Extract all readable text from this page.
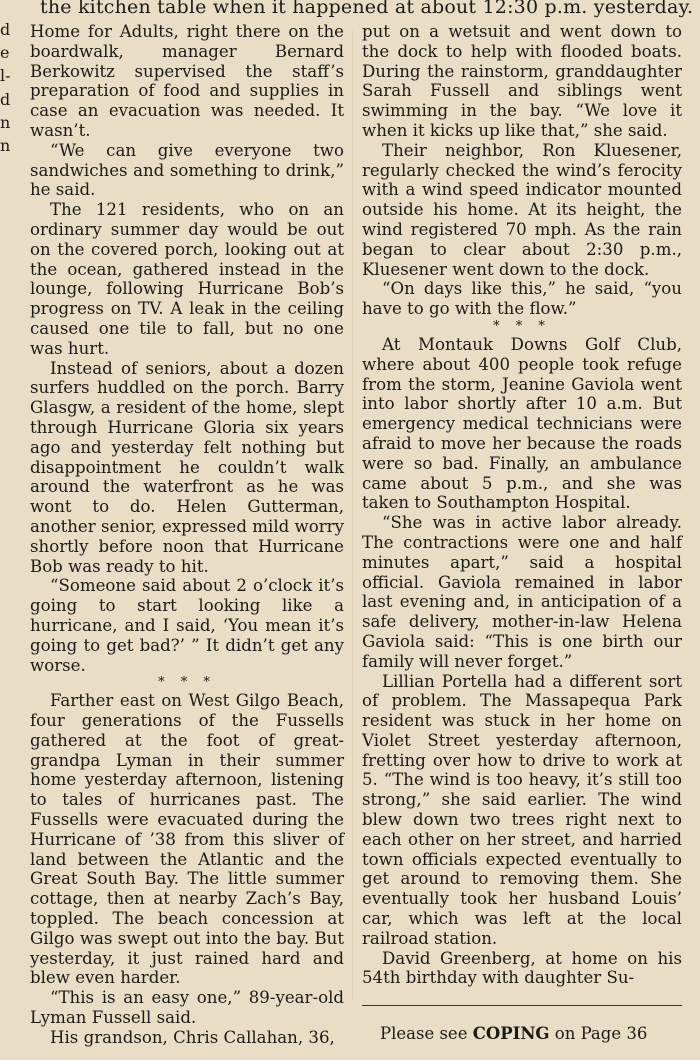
the kitchen table when it happened at about 12:30 p.m. yesterday.
d
e
l-
d
n
n

Home for Adults, right there on the boardwalk, manager Bernard Berkowitz supervised the staff’s preparation of food and supplies in case an evacuation was needed. It wasn’t.

“We can give everyone two sandwiches and something to drink,” he said.

The 121 residents, who on an ordinary summer day would be out on the covered porch, looking out at the ocean, gathered instead in the lounge, following Hurricane Bob’s progress on TV. A leak in the ceiling caused one tile to fall, but no one was hurt.

Instead of seniors, about a dozen surfers huddled on the porch. Barry Glasgw, a resident of the home, slept through Hurricane Gloria six years ago and yesterday felt nothing but disappointment he couldn’t walk around the waterfront as he was wont to do. Helen Gutterman, another senior, expressed mild worry shortly before noon that Hurricane Bob was ready to hit.

“Someone said about 2 o’clock it’s going to start looking like a hurricane, and I said, ‘You mean it’s going to get bad?’ ” It didn’t get any worse.

* * *

Farther east on West Gilgo Beach, four generations of the Fussells gathered at the foot of great-grandpa Lyman in their summer home yesterday afternoon, listening to tales of hurricanes past. The Fussells were evacuated during the Hurricane of ’38 from this sliver of land between the Atlantic and the Great South Bay. The little summer cottage, then at nearby Zach’s Bay, toppled. The beach concession at Gilgo was swept out into the bay. But yesterday, it just rained hard and blew even harder.

“This is an easy one,” 89-year-old Lyman Fussell said.

His grandson, Chris Callahan, 36,

put on a wetsuit and went down to the dock to help with flooded boats. During the rainstorm, granddaughter Sarah Fussell and siblings went swimming in the bay. “We love it when it kicks up like that,” she said.

Their neighbor, Ron Kluesener, regularly checked the wind’s ferocity with a wind speed indicator mounted outside his home. At its height, the wind registered 70 mph. As the rain began to clear about 2:30 p.m., Kluesener went down to the dock.

“On days like this,” he said, “you have to go with the flow.”

* * *

At Montauk Downs Golf Club, where about 400 people took refuge from the storm, Jeanine Gaviola went into labor shortly after 10 a.m. But emergency medical technicians were afraid to move her because the roads were so bad. Finally, an ambulance came about 5 p.m., and she was taken to Southampton Hospital.

“She was in active labor already. The contractions were one and half minutes apart,” said a hospital official. Gaviola remained in labor last evening and, in anticipation of a safe delivery, mother-in-law Helena Gaviola said: “This is one birth our family will never forget.”

Lillian Portella had a different sort of problem. The Massapequa Park resident was stuck in her home on Violet Street yesterday afternoon, fretting over how to drive to work at 5. “The wind is too heavy, it’s still too strong,” she said earlier. The wind blew down two trees right next to each other on her street, and harried town officials expected eventually to get around to removing them. She eventually took her husband Louis’ car, which was left at the local railroad station.

David Greenberg, at home on his 54th birthday with daughter Su-

Please see COPING on Page 36
